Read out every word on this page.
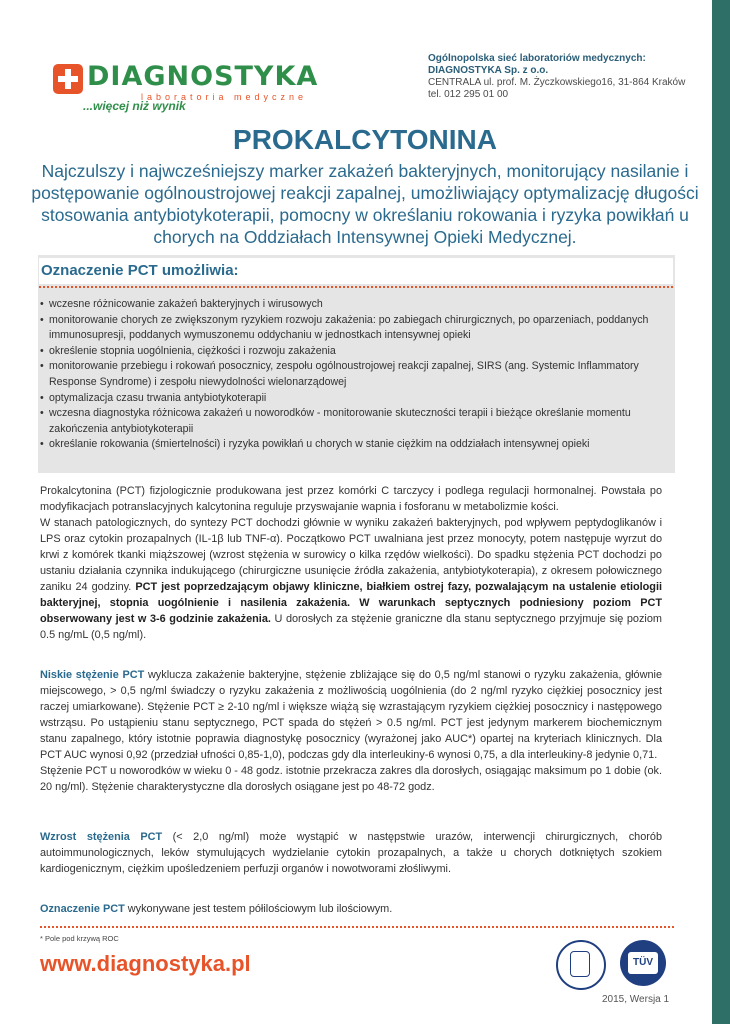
DIAGNOSTYKA
laboratoria medyczne
...więcej niż wynik
Ogólnopolska sieć laboratoriów medycznych:
DIAGNOSTYKA Sp. z o.o.
CENTRALA ul. prof. M. Życzkowskiego16, 31-864 Kraków
tel. 012 295 01 00
PROKALCYTONINA
Najczulszy i najwcześniejszy marker zakażeń bakteryjnych, monitorujący nasilanie i postępowanie ogólnoustrojowej reakcji zapalnej, umożliwiający optymalizację długości stosowania antybiotykoterapii, pomocny w określaniu rokowania i ryzyka powikłań u chorych na Oddziałach Intensywnej Opieki Medycznej.
Oznaczenie PCT umożliwia:
• wczesne różnicowanie zakażeń bakteryjnych i wirusowych
• monitorowanie chorych ze zwiększonym ryzykiem rozwoju zakażenia: po zabiegach chirurgicznych, po oparzeniach, poddanych immunosupresji, poddanych wymuszonemu oddychaniu w jednostkach intensywnej opieki
• określenie stopnia uogólnienia, ciężkości i rozwoju zakażenia
• monitorowanie przebiegu i rokowań posocznicy, zespołu ogólnoustrojowej reakcji zapalnej, SIRS (ang. Systemic Inflammatory Response Syndrome) i zespołu niewydolności wielonarządowej
• optymalizacja czasu trwania antybiotykoterapii
• wczesna diagnostyka różnicowa zakażeń u noworodków - monitorowanie skuteczności terapii i bieżące określanie momentu zakończenia antybiotykoterapii
• określanie rokowania (śmiertelności) i ryzyka powikłań u chorych w stanie ciężkim na oddziałach intensywnej opieki

Prokalcytonina (PCT) fizjologicznie produkowana jest przez komórki C tarczycy i podlega regulacji hormonalnej. Powstała po modyfikacjach potranslacyjnych kalcytonina reguluje przyswajanie wapnia i fosforanu w metabolizmie kości.

W stanach patologicznych, do syntezy PCT dochodzi głównie w wyniku zakażeń bakteryjnych, pod wpływem peptydoglikanów i LPS oraz cytokin prozapalnych (IL-1β lub TNF-α). Początkowo PCT uwalniana jest przez monocyty, potem następuje wyrzut do krwi z komórek tkanki miąższowej (wzrost stężenia w surowicy o kilka rzędów wielkości). Do spadku stężenia PCT dochodzi po ustaniu działania czynnika indukującego (chirurgiczne usunięcie źródła zakażenia, antybiotykoterapia), z okresem połowicznego zaniku 24 godziny. PCT jest poprzedzającym objawy kliniczne, białkiem ostrej fazy, pozwalającym na ustalenie etiologii bakteryjnej, stopnia uogólnienie i nasilenia zakażenia. W warunkach septycznych podniesiony poziom PCT obserwowany jest w 3-6 godzinie zakażenia. U dorosłych za stężenie graniczne dla stanu septycznego przyjmuje się poziom 0.5 ng/mL (0,5 ng/ml).

Niskie stężenie PCT wyklucza zakażenie bakteryjne, stężenie zbliżające się do 0,5 ng/ml stanowi o ryzyku zakażenia, głównie miejscowego, > 0,5 ng/ml świadczy o ryzyku zakażenia z możliwością uogólnienia (do 2 ng/ml ryzyko ciężkiej posocznicy jest raczej umiarkowane). Stężenie PCT ≥ 2-10 ng/ml i większe wiążą się wzrastającym ryzykiem ciężkiej posocznicy i następowego wstrząsu. Po ustąpieniu stanu septycznego, PCT spada do stężeń > 0.5 ng/ml. PCT jest jedynym markerem biochemicznym stanu zapalnego, który istotnie poprawia diagnostykę posocznicy (wyrażonej jako AUC*) opartej na kryteriach klinicznych. Dla PCT AUC wynosi 0,92 (przedział ufności 0,85-1,0), podczas gdy dla interleukiny-6 wynosi 0,75, a dla interleukiny-8 jedynie 0,71.

Stężenie PCT u noworodków w wieku 0 - 48 godz. istotnie przekracza zakres dla dorosłych, osiągając maksimum po 1 dobie (ok. 20 ng/ml). Stężenie charakterystyczne dla dorosłych osiągane jest po 48-72 godz.

Wzrost stężenia PCT (< 2,0 ng/ml) może wystąpić w następstwie urazów, interwencji chirurgicznych, chorób autoimmunologicznych, leków stymulujących wydzielanie cytokin prozapalnych, a także u chorych dotkniętych szokiem kardiogenicznym, ciężkim upośledzeniem perfuzji organów i nowotworami złośliwymi.

Oznaczenie PCT wykonywane jest testem półilościowym lub ilościowym.

* Pole pod krzywą ROC
www.diagnostyka.pl	TÜV
2015, Wersja 1
